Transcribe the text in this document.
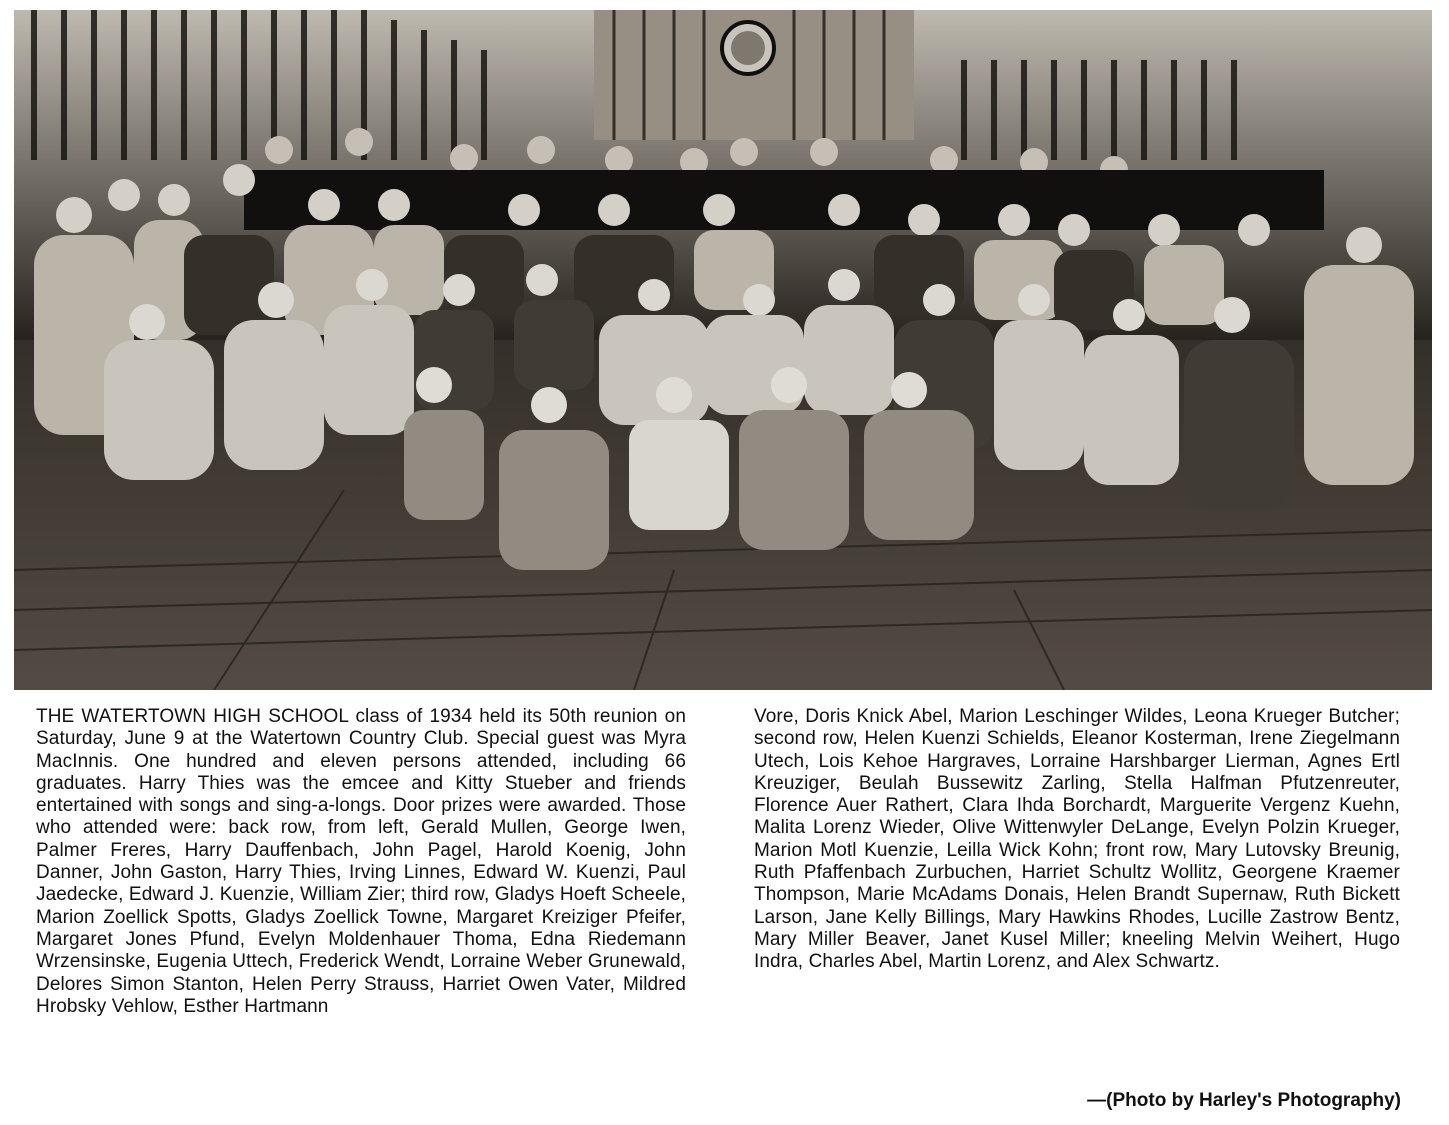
THE WATERTOWN HIGH SCHOOL class of 1934 held its 50th reunion on Saturday, June 9 at the Watertown Country Club. Special guest was Myra MacInnis. One hundred and eleven persons attended, including 66 graduates. Harry Thies was the emcee and Kitty Stueber and friends entertained with songs and sing-a-longs. Door prizes were awarded. Those who attended were: back row, from left, Gerald Mullen, George Iwen, Palmer Freres, Harry Dauffenbach, John Pagel, Harold Koenig, John Danner, John Gaston, Harry Thies, Irving Linnes, Edward W. Kuenzi, Paul Jaedecke, Edward J. Kuenzie, William Zier; third row, Gladys Hoeft Scheele, Marion Zoellick Spotts, Gladys Zoellick Towne, Margaret Kreiziger Pfeifer, Margaret Jones Pfund, Evelyn Moldenhauer Thoma, Edna Riedemann Wrzensinske, Eugenia Uttech, Frederick Wendt, Lorraine Weber Grunewald, Delores Simon Stanton, Helen Perry Strauss, Harriet Owen Vater, Mildred Hrobsky Vehlow, Esther Hartmann
Vore, Doris Knick Abel, Marion Leschinger Wildes, Leona Krueger Butcher; second row, Helen Kuenzi Schields, Eleanor Kosterman, Irene Ziegelmann Utech, Lois Kehoe Hargraves, Lorraine Harshbarger Lierman, Agnes Ertl Kreuziger, Beulah Bussewitz Zarling, Stella Halfman Pfutzenreuter, Florence Auer Rathert, Clara Ihda Borchardt, Marguerite Vergenz Kuehn, Malita Lorenz Wieder, Olive Wittenwyler DeLange, Evelyn Polzin Krueger, Marion Motl Kuenzie, Leilla Wick Kohn; front row, Mary Lutovsky Breunig, Ruth Pfaffenbach Zurbuchen, Harriet Schultz Wollitz, Georgene Kraemer Thompson, Marie McAdams Donais, Helen Brandt Supernaw, Ruth Bickett Larson, Jane Kelly Billings, Mary Hawkins Rhodes, Lucille Zastrow Bentz, Mary Miller Beaver, Janet Kusel Miller; kneeling Melvin Weihert, Hugo Indra, Charles Abel, Martin Lorenz, and Alex Schwartz.
—(Photo by Harley's Photography)
